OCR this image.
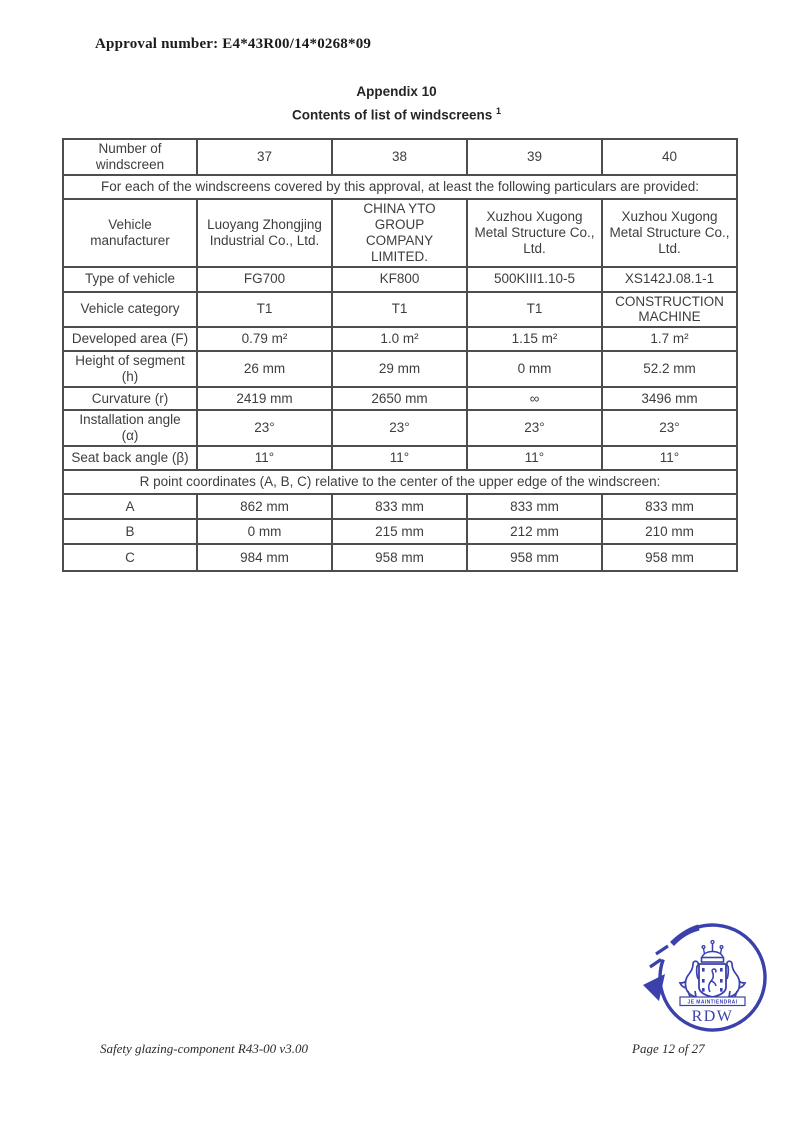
Approval number: E4*43R00/14*0268*09
Appendix 10
Contents of list of windscreens $^1$
Number of windscreen	37	38	39	40
For each of the windscreens covered by this approval, at least the following particulars are provided:				
Vehicle manufacturer	Luoyang Zhongjing Industrial Co., Ltd.	CHINA YTO GROUP COMPANY LIMITED.	Xuzhou Xugong Metal Structure Co., Ltd.	Xuzhou Xugong Metal Structure Co., Ltd.
Type of vehicle	FG700	KF800	500KIII1.10-5	XS142J.08.1-1
Vehicle category	T1	T1	T1	CONSTRUCTION MACHINE
Developed area (F)	0.79 m²	1.0 m²	1.15 m²	1.7 m²
Height of segment (h)	26 mm	29 mm	0 mm	52.2 mm
Curvature (r)	2419 mm	2650 mm	∞	3496 mm
Installation angle (α)	23°	23°	23°	23°
Seat back angle (β)	11°	11°	11°	11°
R point coordinates (A, B, C) relative to the center of the upper edge of the windscreen:				
A	862 mm	833 mm	833 mm	833 mm
B	0 mm	215 mm	212 mm	210 mm
C	984 mm	958 mm	958 mm	958 mm
JE MAINTIENDRAI
RDW
Safety glazing-component R43-00 v3.00	Page 12 of 27
